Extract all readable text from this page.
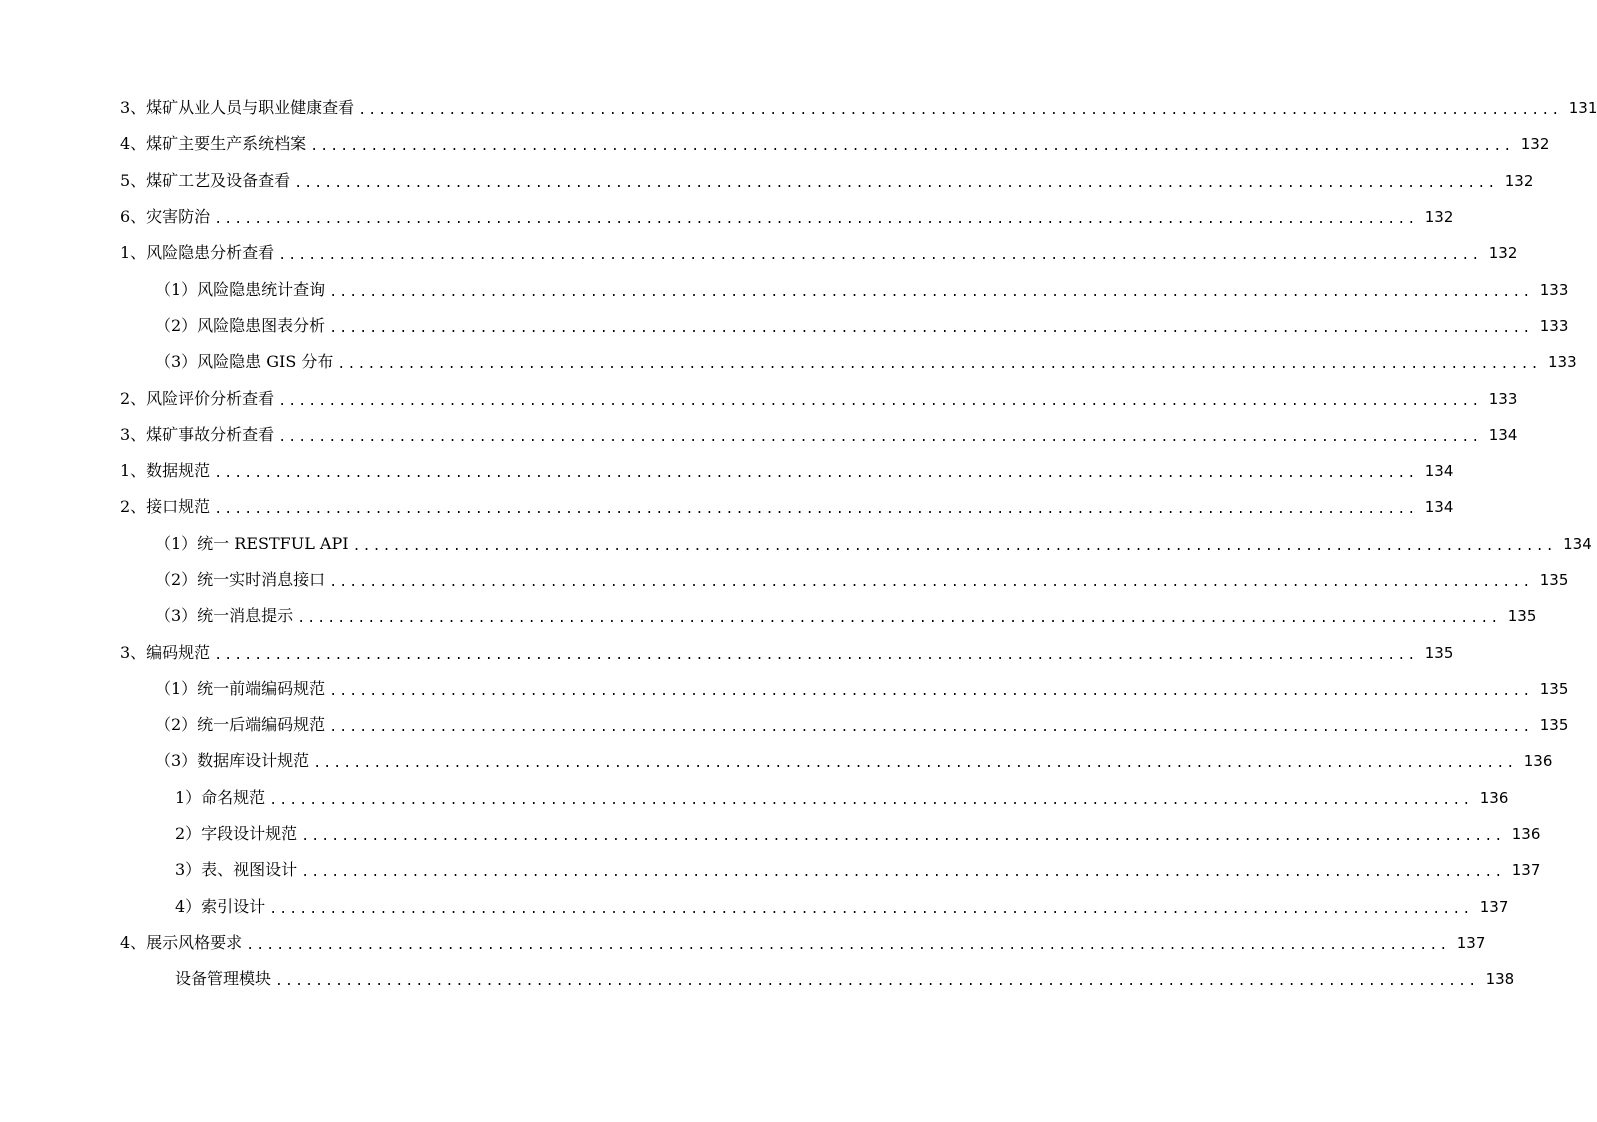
3、煤矿从业人员与职业健康查看 ........................................................................................................................ 131
4、煤矿主要生产系统档案 ........................................................................................................................ 132
5、煤矿工艺及设备查看 ........................................................................................................................ 132
6、灾害防治 ........................................................................................................................ 132
1、风险隐患分析查看 ........................................................................................................................ 132
（1）风险隐患统计查询 ........................................................................................................................ 133
（2）风险隐患图表分析 ........................................................................................................................ 133
（3）风险隐患 GIS 分布 ........................................................................................................................ 133
2、风险评价分析查看 ........................................................................................................................ 133
3、煤矿事故分析查看 ........................................................................................................................ 134
1、数据规范 ........................................................................................................................ 134
2、接口规范 ........................................................................................................................ 134
（1）统一 RESTFUL API ........................................................................................................................ 134
（2）统一实时消息接口 ........................................................................................................................ 135
（3）统一消息提示 ........................................................................................................................ 135
3、编码规范 ........................................................................................................................ 135
（1）统一前端编码规范 ........................................................................................................................ 135
（2）统一后端编码规范 ........................................................................................................................ 135
（3）数据库设计规范 ........................................................................................................................ 136
1）命名规范 ........................................................................................................................ 136
2）字段设计规范 ........................................................................................................................ 136
3）表、视图设计 ........................................................................................................................ 137
4）索引设计 ........................................................................................................................ 137
4、展示风格要求 ........................................................................................................................ 137
设备管理模块 ........................................................................................................................ 138
